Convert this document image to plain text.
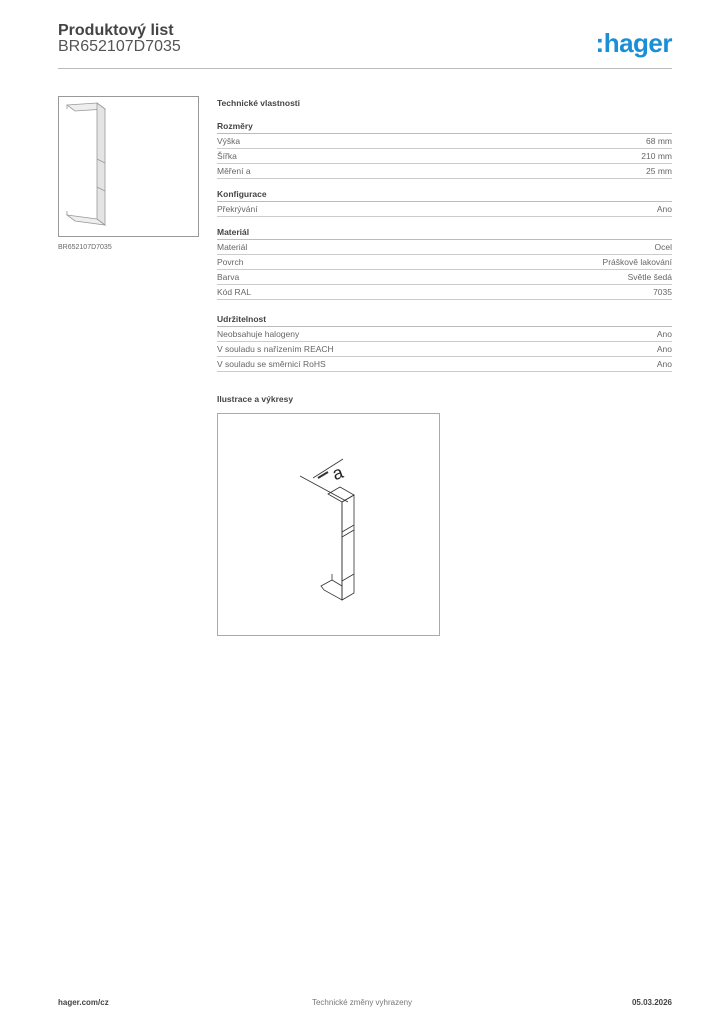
Produktový list
BR652107D7035	:hager
BR652107D7035
Technické vlastnosti
Rozměry
Výška	68 mm
Šířka	210 mm
Měření a	25 mm
Konfigurace
Překrývání	Ano
Materiál
Materiál	Ocel
Povrch	Práškově lakování
Barva	Světle šedá
Kód RAL	7035
Udržitelnost
Neobsahuje halogeny	Ano
V souladu s nařízením REACH	Ano
V souladu se směrnicí RoHS	Ano
Ilustrace a výkresy
a
Technické změny vyhrazeny
hager.com/cz	05.03.2026
